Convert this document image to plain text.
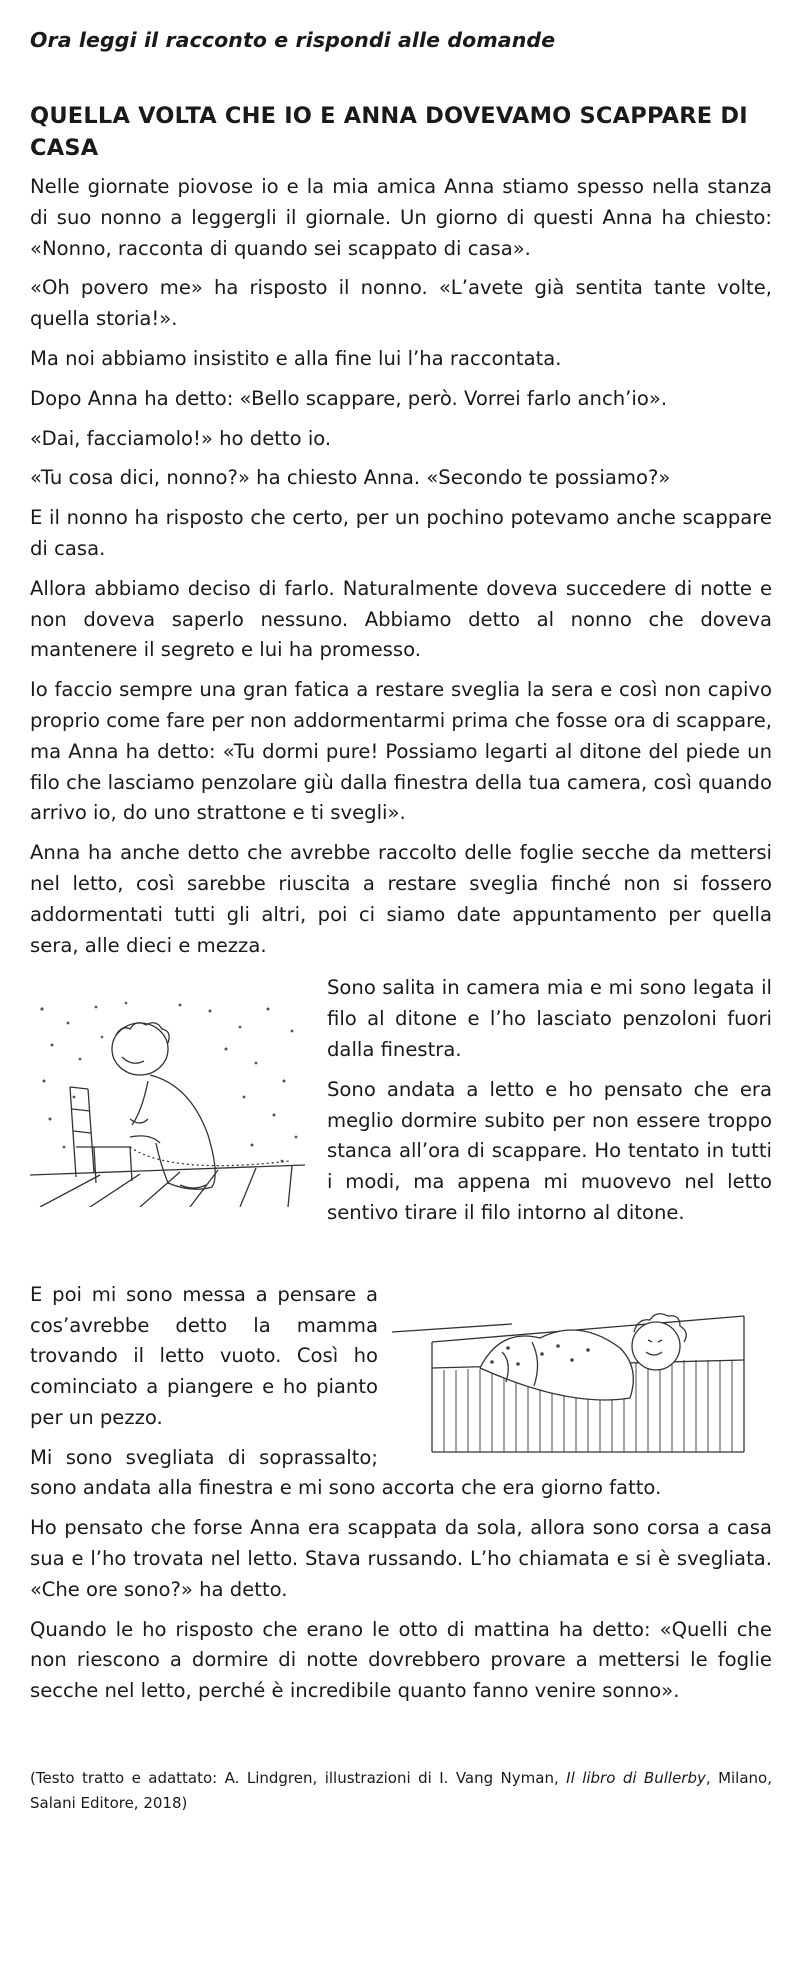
Ora leggi il racconto e rispondi alle domande
QUELLA VOLTA CHE IO E ANNA DOVEVAMO SCAPPARE DI CASA

Nelle giornate piovose io e la mia amica Anna stiamo spesso nella stanza di suo nonno a leggergli il giornale. Un giorno di questi Anna ha chiesto: «Nonno, racconta di quando sei scappato di casa».

«Oh povero me» ha risposto il nonno. «L’avete già sentita tante volte, quella storia!».

Ma noi abbiamo insistito e alla fine lui l’ha raccontata.

Dopo Anna ha detto: «Bello scappare, però. Vorrei farlo anch’io».

«Dai, facciamolo!» ho detto io.

«Tu cosa dici, nonno?» ha chiesto Anna. «Secondo te possiamo?»

E il nonno ha risposto che certo, per un pochino potevamo anche scappare di casa.

Allora abbiamo deciso di farlo. Naturalmente doveva succedere di notte e non doveva saperlo nessuno. Abbiamo detto al nonno che doveva mantenere il segreto e lui ha promesso.

Io faccio sempre una gran fatica a restare sveglia la sera e così non capivo proprio come fare per non addormentarmi prima che fosse ora di scappare, ma Anna ha detto: «Tu dormi pure! Possiamo legarti al ditone del piede un filo che lasciamo penzolare giù dalla finestra della tua camera, così quando arrivo io, do uno strattone e ti svegli».

Anna ha anche detto che avrebbe raccolto delle foglie secche da mettersi nel letto, così sarebbe riuscita a restare sveglia finché non si fossero addormentati tutti gli altri, poi ci siamo date appuntamento per quella sera, alle dieci e mezza.

Sono salita in camera mia e mi sono legata il filo al ditone e l’ho lasciato penzoloni fuori dalla finestra.

Sono andata a letto e ho pensato che era meglio dormire subito per non essere troppo stanca all’ora di scappare. Ho tentato in tutti i modi, ma appena mi muovevo nel letto sentivo tirare il filo intorno al ditone.

E poi mi sono messa a pensare a cos’avrebbe detto la mamma trovando il letto vuoto. Così ho cominciato a piangere e ho pianto per un pezzo.

Mi sono svegliata di soprassalto; sono andata alla finestra e mi sono accorta che era giorno fatto.

Ho pensato che forse Anna era scappata da sola, allora sono corsa a casa sua e l’ho trovata nel letto. Stava russando. L’ho chiamata e si è svegliata. «Che ore sono?» ha detto.

Quando le ho risposto che erano le otto di mattina ha detto: «Quelli che non riescono a dormire di notte dovrebbero provare a mettersi le foglie secche nel letto, perché è incredibile quanto fanno venire sonno».

(Testo tratto e adattato: A. Lindgren, illustrazioni di I. Vang Nyman, Il libro di Bullerby, Milano, Salani Editore, 2018)
